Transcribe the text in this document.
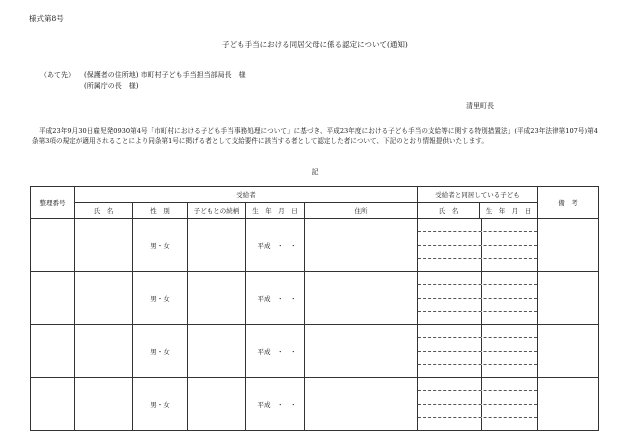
様式第8号
子ども手当における同居父母に係る認定について(通知)
（あて先） (保護者の住所地) 市町村子ども手当担当部局長　様
(所属庁の長　様)
清里町長
平成23年9月30日雇児発0930第4号「市町村における子ども手当事務処理について」に基づき、平成23年度における子ども手当の支給等に関する特別措置法」(平成23年法律第107号)第4条第3項の規定が適用されることにより同条第1号に掲げる者として支給要件に該当する者として認定した者について、下記のとおり情報提供いたします。
記
整理番号	受給者					受給者と同居している子ども		備　考
	氏　名	性　別	子どもとの続柄	生　年　月　日	住所	氏　名	生　年　月　日	
		男・女		平成　・　・			

		男・女		平成　・　・			

		男・女		平成　・　・			

		男・女		平成　・　・			
